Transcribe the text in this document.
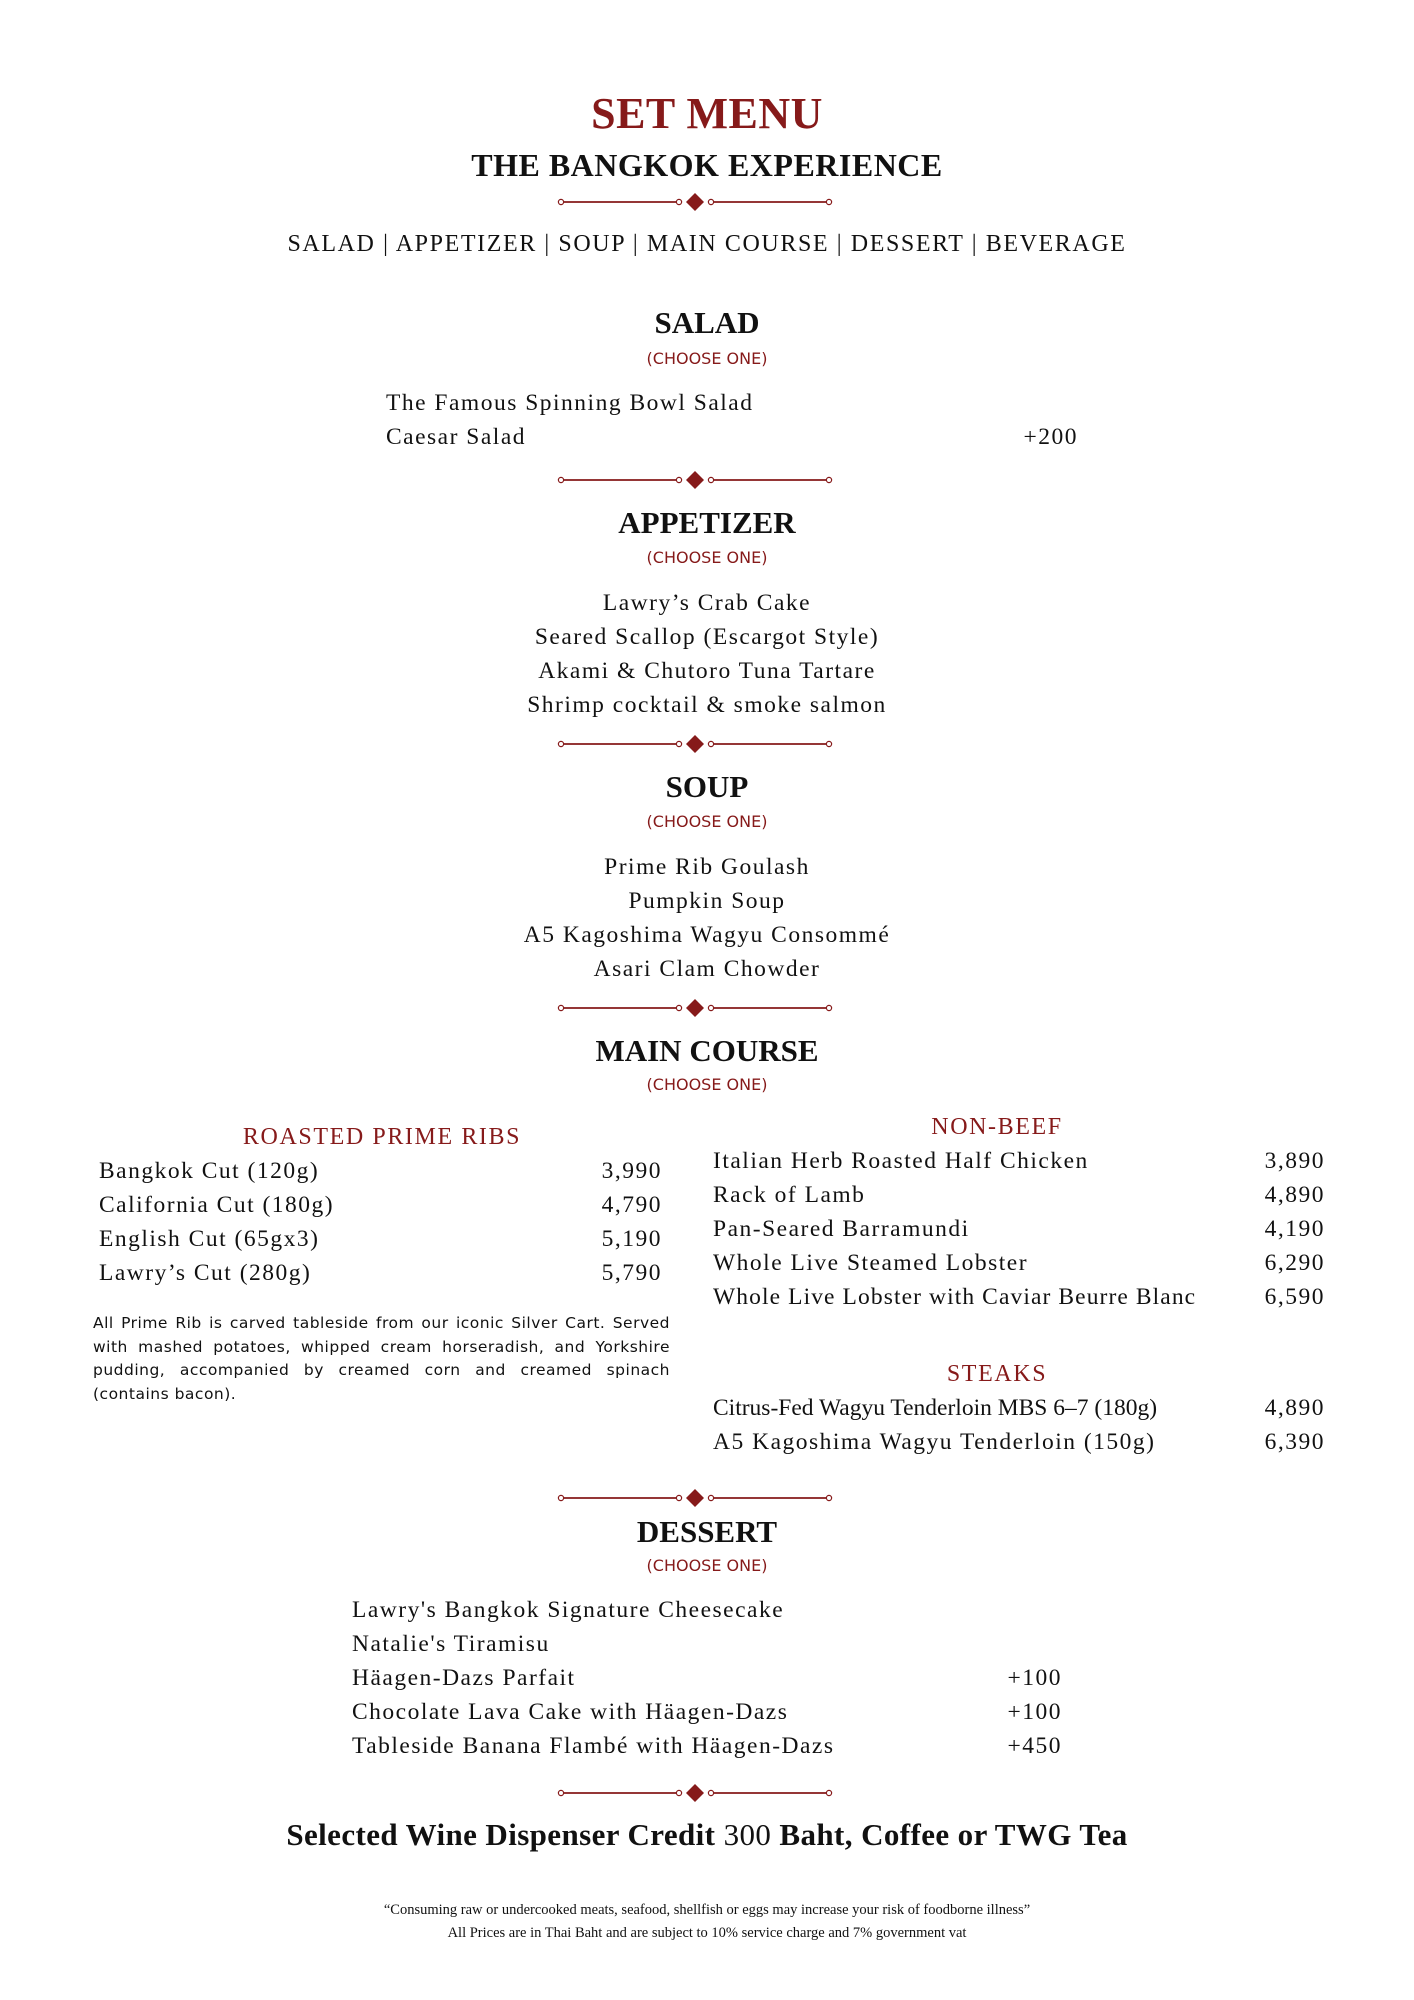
SET MENU
THE BANGKOK EXPERIENCE
SALAD | APPETIZER | SOUP | MAIN COURSE | DESSERT | BEVERAGE
SALAD
(CHOOSE ONE)
The Famous Spinning Bowl Salad
Caesar Salad	+200
APPETIZER
(CHOOSE ONE)
Lawry’s Crab Cake
Seared Scallop (Escargot Style)
Akami & Chutoro Tuna Tartare
Shrimp cocktail & smoke salmon
SOUP
(CHOOSE ONE)
Prime Rib Goulash
Pumpkin Soup
A5 Kagoshima Wagyu Consommé
Asari Clam Chowder
MAIN COURSE
(CHOOSE ONE)
ROASTED PRIME RIBS
Bangkok Cut (120g)	3,990
California Cut (180g)	4,790
English Cut (65gx3)	5,190
Lawry’s Cut (280g)	5,790
All Prime Rib is carved tableside from our iconic Silver Cart. Served with mashed potatoes, whipped cream horseradish, and Yorkshire pudding, accompanied by creamed corn and creamed spinach (contains bacon).
NON-BEEF
Italian Herb Roasted Half Chicken	3,890
Rack of Lamb	4,890
Pan-Seared Barramundi	4,190
Whole Live Steamed Lobster	6,290
Whole Live Lobster with Caviar Beurre Blanc	6,590
STEAKS
Citrus-Fed Wagyu Tenderloin MBS 6–7 (180g)	4,890
A5 Kagoshima Wagyu Tenderloin (150g)	6,390
DESSERT
(CHOOSE ONE)
Lawry's Bangkok Signature Cheesecake
Natalie's Tiramisu
Häagen-Dazs Parfait	+100
Chocolate Lava Cake with Häagen-Dazs	+100
Tableside Banana Flambé with Häagen-Dazs	+450
Selected Wine Dispenser Credit 300 Baht, Coffee or TWG Tea
“Consuming raw or undercooked meats, seafood, shellfish or eggs may increase your risk of foodborne illness”
All Prices are in Thai Baht and are subject to 10% service charge and 7% government vat
